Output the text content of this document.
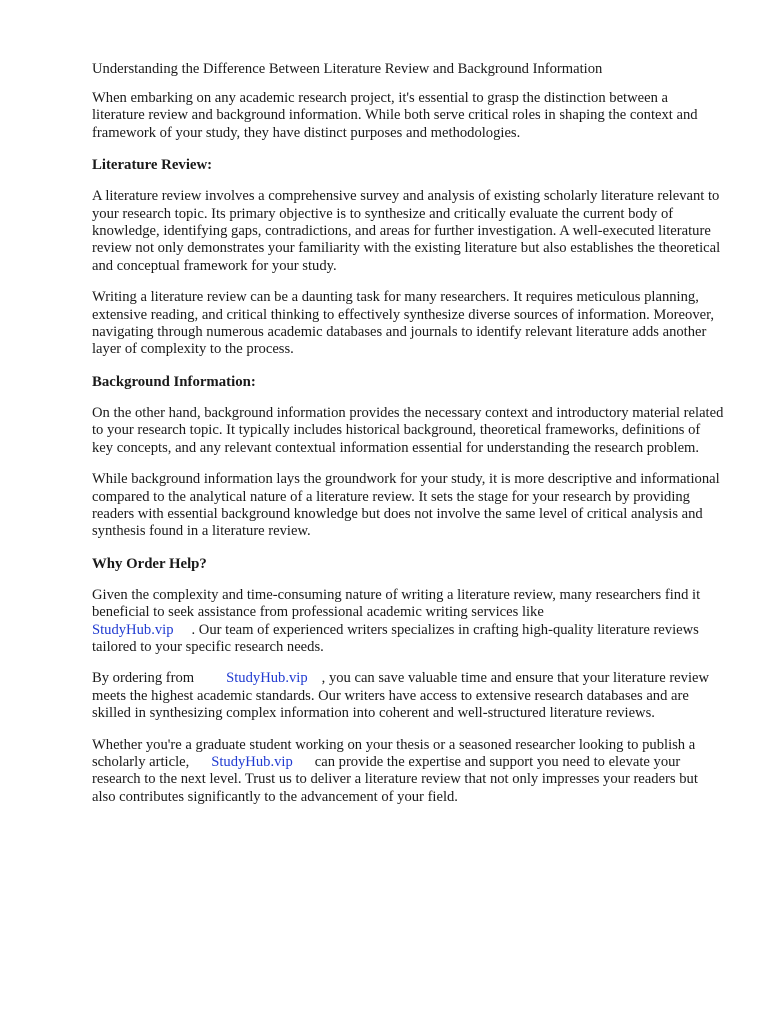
Understanding the Difference Between Literature Review and Background Information

When embarking on any academic research project, it's essential to grasp the distinction between a literature review and background information. While both serve critical roles in shaping the context and framework of your study, they have distinct purposes and methodologies.

Literature Review:

A literature review involves a comprehensive survey and analysis of existing scholarly literature relevant to your research topic. Its primary objective is to synthesize and critically evaluate the current body of knowledge, identifying gaps, contradictions, and areas for further investigation. A well-executed literature review not only demonstrates your familiarity with the existing literature but also establishes the theoretical and conceptual framework for your study.

Writing a literature review can be a daunting task for many researchers. It requires meticulous planning, extensive reading, and critical thinking to effectively synthesize diverse sources of information. Moreover, navigating through numerous academic databases and journals to identify relevant literature adds another layer of complexity to the process.

Background Information:

On the other hand, background information provides the necessary context and introductory material related to your research topic. It typically includes historical background, theoretical frameworks, definitions of key concepts, and any relevant contextual information essential for understanding the research problem.

While background information lays the groundwork for your study, it is more descriptive and informational compared to the analytical nature of a literature review. It sets the stage for your research by providing readers with essential background knowledge but does not involve the same level of critical analysis and synthesis found in a literature review.

Why Order Help?

Given the complexity and time-consuming nature of writing a literature review, many researchers find it beneficial to seek assistance from professional academic writing services like
StudyHub.vip . Our team of experienced writers specializes in crafting high-quality literature reviews tailored to your specific research needs.

By ordering from StudyHub.vip , you can save valuable time and ensure that your literature review meets the highest academic standards. Our writers have access to extensive research databases and are skilled in synthesizing complex information into coherent and well-structured literature reviews.

Whether you're a graduate student working on your thesis or a seasoned researcher looking to publish a scholarly article, StudyHub.vip can provide the expertise and support you need to elevate your research to the next level. Trust us to deliver a literature review that not only impresses your readers but also contributes significantly to the advancement of your field.
